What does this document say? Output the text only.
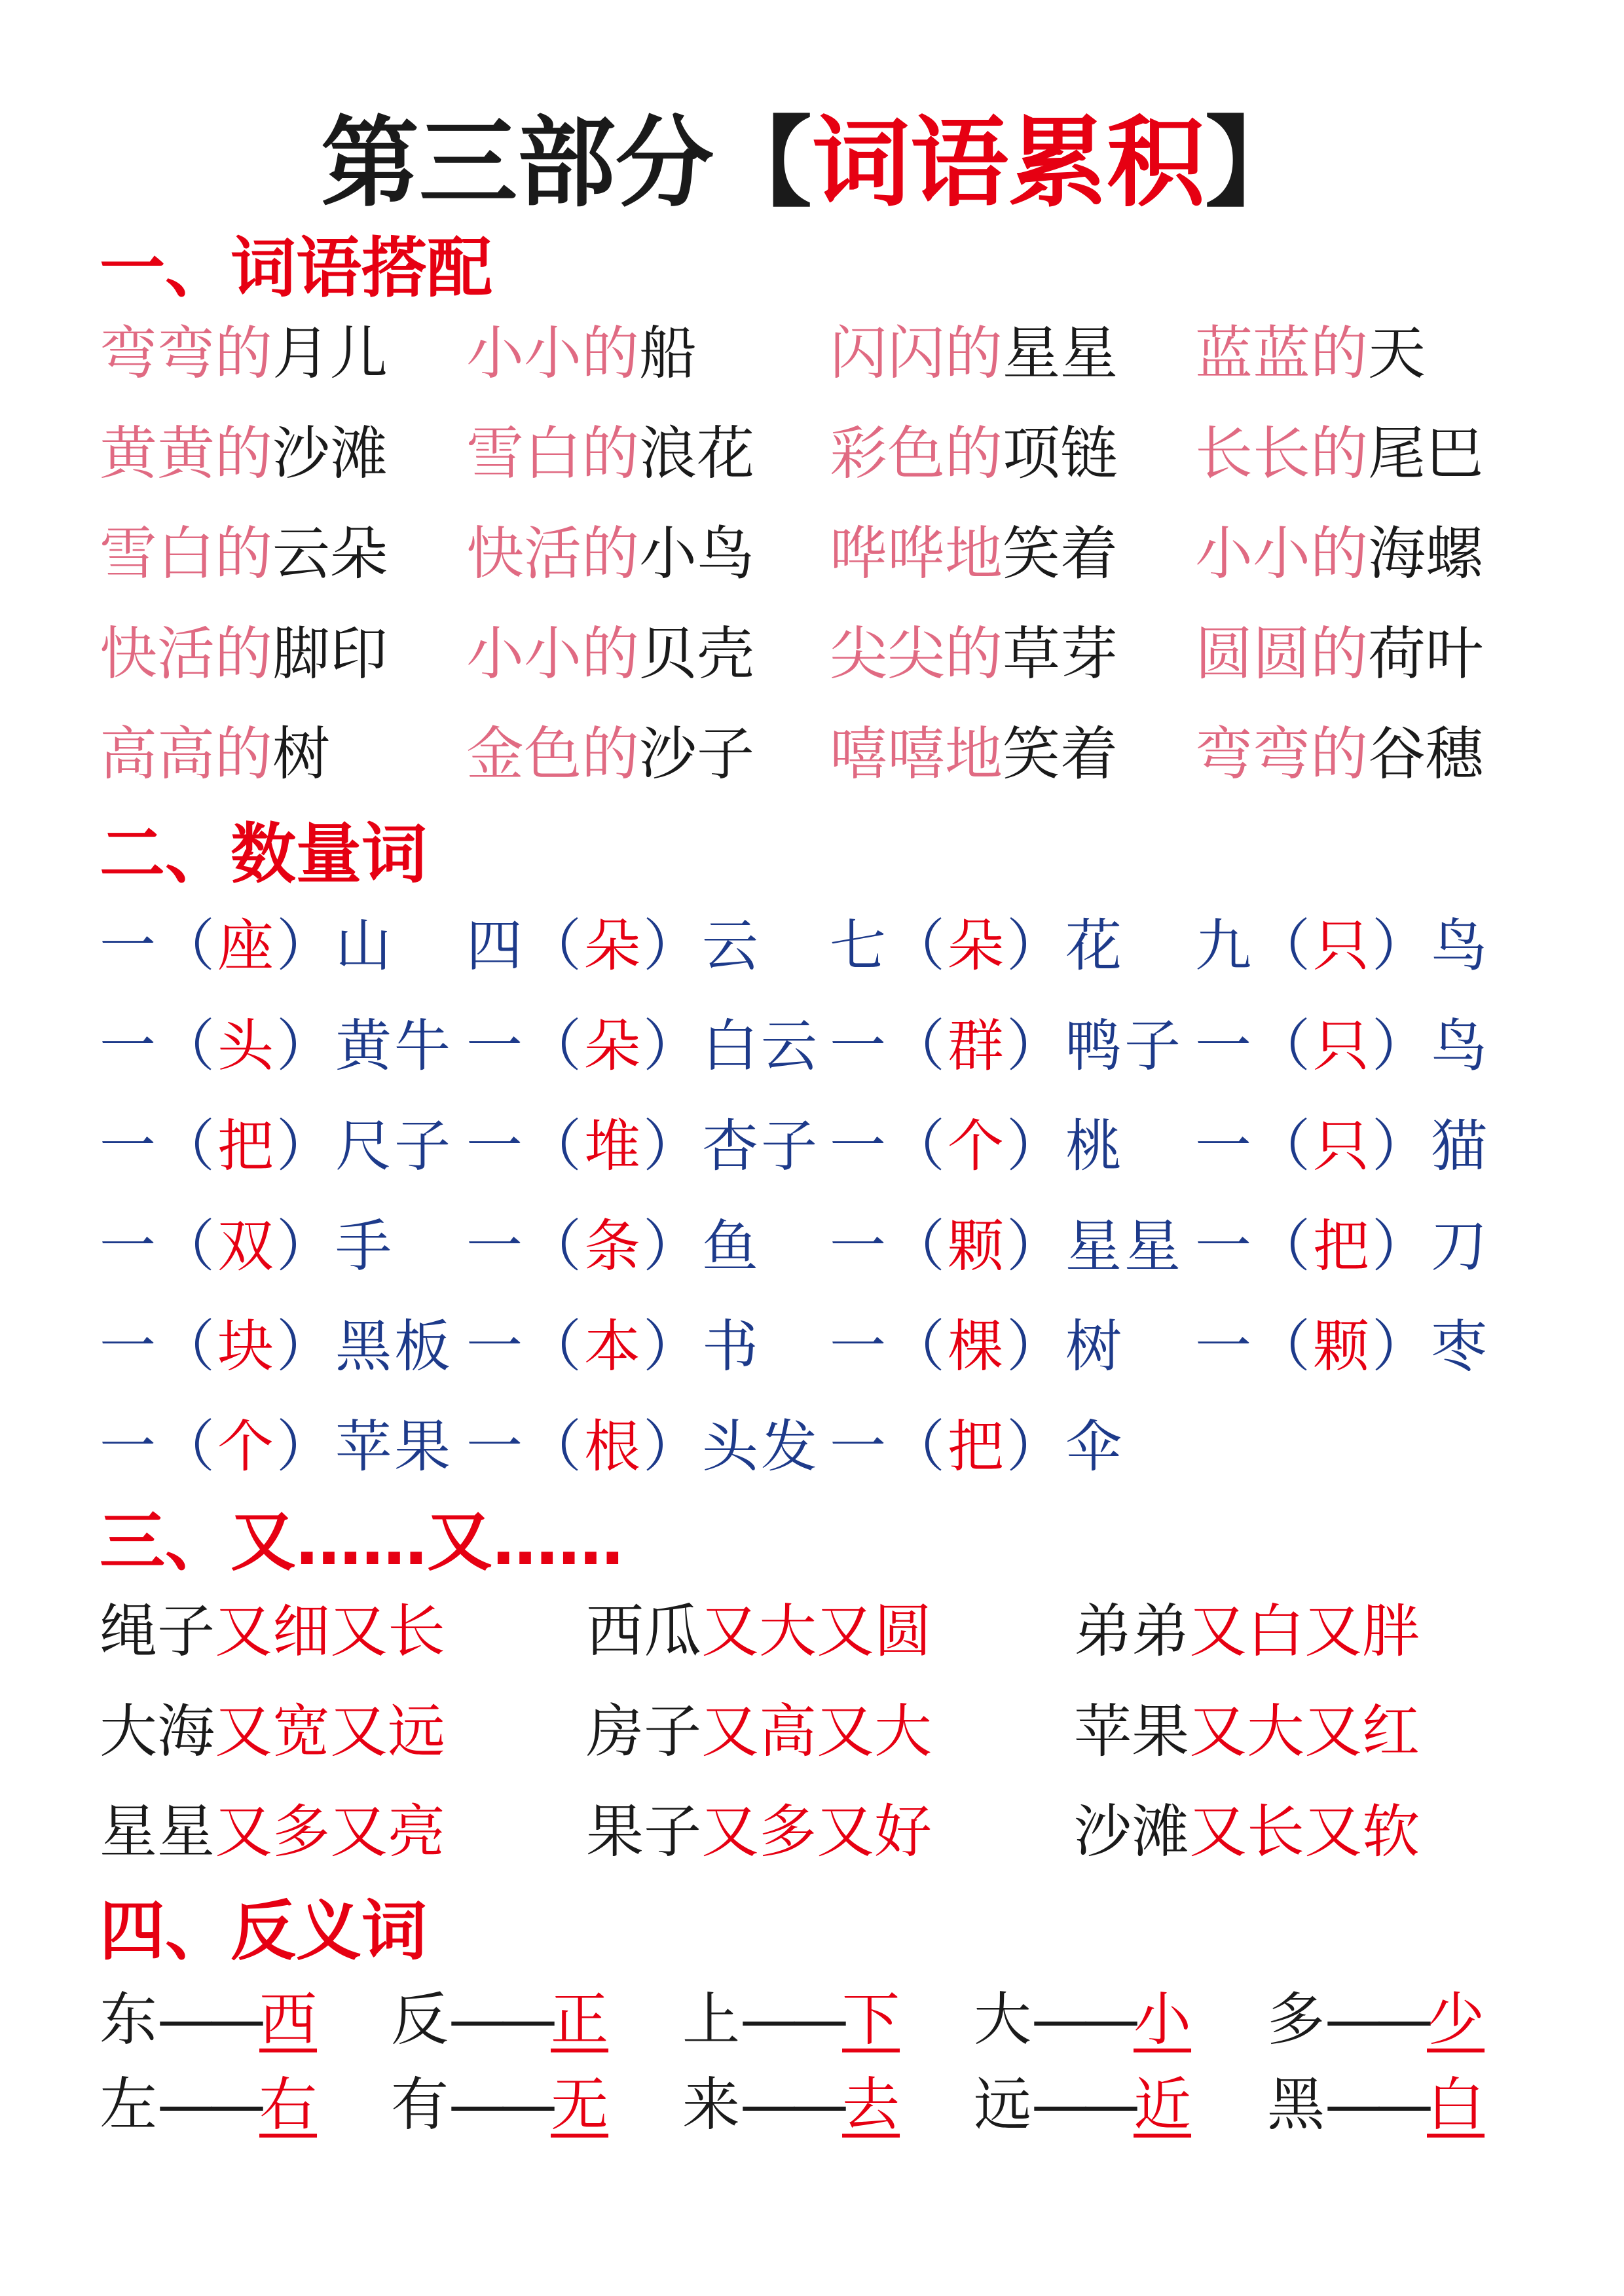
第三部分【词语累积】
一、词语搭配
弯弯的月儿 小小的船 闪闪的星星 蓝蓝的天
黄黄的沙滩 雪白的浪花 彩色的项链 长长的尾巴
雪白的云朵 快活的小鸟 哗哗地笑着 小小的海螺
快活的脚印 小小的贝壳 尖尖的草芽 圆圆的荷叶
高高的树 金色的沙子 嘻嘻地笑着 弯弯的谷穗
二、数量词
一（座）山 四（朵）云 七（朵）花 九（只）鸟
一（头）黄牛 一（朵）白云 一（群）鸭子 一（只）鸟
一（把）尺子 一（堆）杏子 一（个）桃 一（只）猫
一（双）手 一（条）鱼 一（颗）星星 一（把）刀
一（块）黑板 一（本）书 一（棵）树 一（颗）枣
一（个）苹果 一（根）头发 一（把）伞
三、又……又……
绳子又细又长 西瓜又大又圆 弟弟又白又胖
大海又宽又远 房子又高又大 苹果又大又红
星星又多又亮 果子又多又好 沙滩又长又软
四、反义词
东——西 反——正 上——下 大——小 多——少
左——右 有——无 来——去 远——近 黑——白
